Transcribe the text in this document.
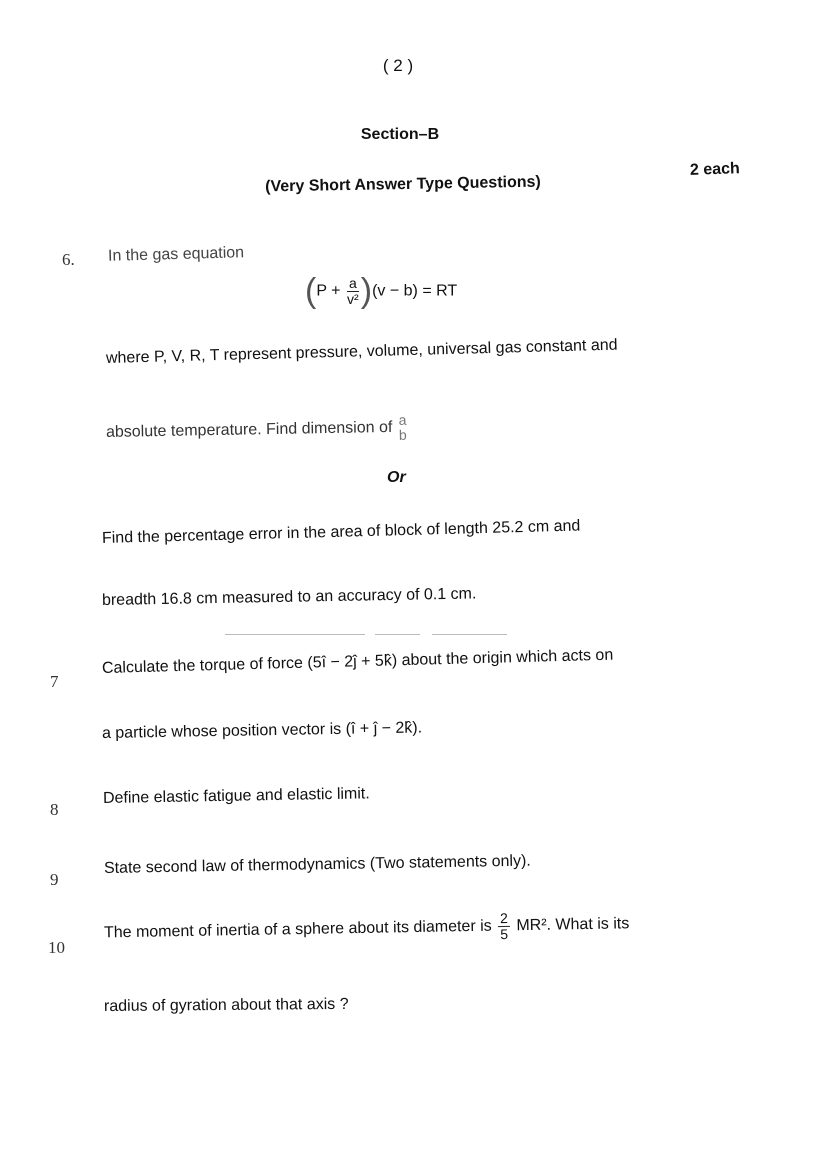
( 2 )
Section–B
(Very Short Answer Type Questions)
2 each
6. In the gas equation
$(P + \frac{a}{\text{v²}} )(v - b)$ = RT
where P, V, R, T represent pressure, volume, universal gas constant and
absolute temperature. Find dimension of a
b
Or
Find the percentage error in the area of block of length 25.2 cm and
breadth 16.8 cm measured to an accuracy of 0.1 cm.
7
Calculate the torque of force (5î − 2ĵ + 5k̂) about the origin which acts on
a particle whose position vector is (î + ĵ − 2k̂).
8
Define elastic fatigue and elastic limit.
9
State second law of thermodynamics (Two statements only).
10
The moment of inertia of a sphere about its diameter is $\frac{2}{5} MR^2$. What is its
radius of gyration about that axis ?
